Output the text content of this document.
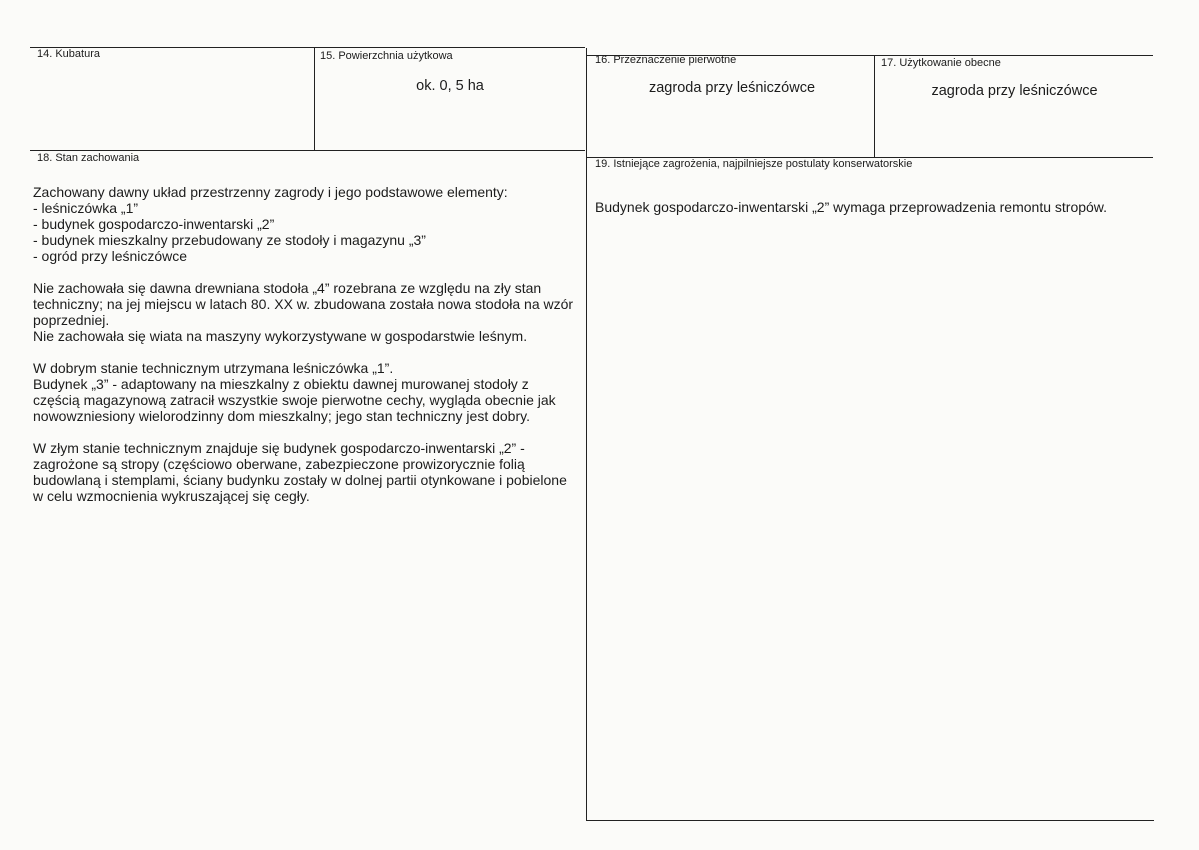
14. Kubatura	15. Powierzchnia użytkowa
ok. 0, 5 ha
16. Przeznaczenie pierwotne
zagroda przy leśniczówce
17. Użytkowanie obecne
zagroda przy leśniczówce
18. Stan zachowania

Zachowany dawny układ przestrzenny zagrody i jego podstawowe elementy:
- leśniczówka „1”
- budynek gospodarczo-inwentarski „2”
- budynek mieszkalny przebudowany ze stodoły i magazynu „3”
- ogród przy leśniczówce

Nie zachowała się dawna drewniana stodoła „4” rozebrana ze względu na zły stan
techniczny; na jej miejscu w latach 80. XX w. zbudowana została nowa stodoła na wzór
poprzedniej.
Nie zachowała się wiata na maszyny wykorzystywane w gospodarstwie leśnym.

W dobrym stanie technicznym utrzymana leśniczówka „1”.
Budynek „3” - adaptowany na mieszkalny z obiektu dawnej murowanej stodoły z
częścią magazynową zatracił wszystkie swoje pierwotne cechy, wygląda obecnie jak
nowowzniesiony wielorodzinny dom mieszkalny; jego stan techniczny jest dobry.

W złym stanie technicznym znajduje się budynek gospodarczo-inwentarski „2” -
zagrożone są stropy (częściowo oberwane, zabezpieczone prowizorycznie folią
budowlaną i stemplami, ściany budynku zostały w dolnej partii otynkowane i pobielone
w celu wzmocnienia wykruszającej się cegły.

19. Istniejące zagrożenia, najpilniejsze postulaty konserwatorskie
Budynek gospodarczo-inwentarski „2” wymaga przeprowadzenia remontu stropów.
